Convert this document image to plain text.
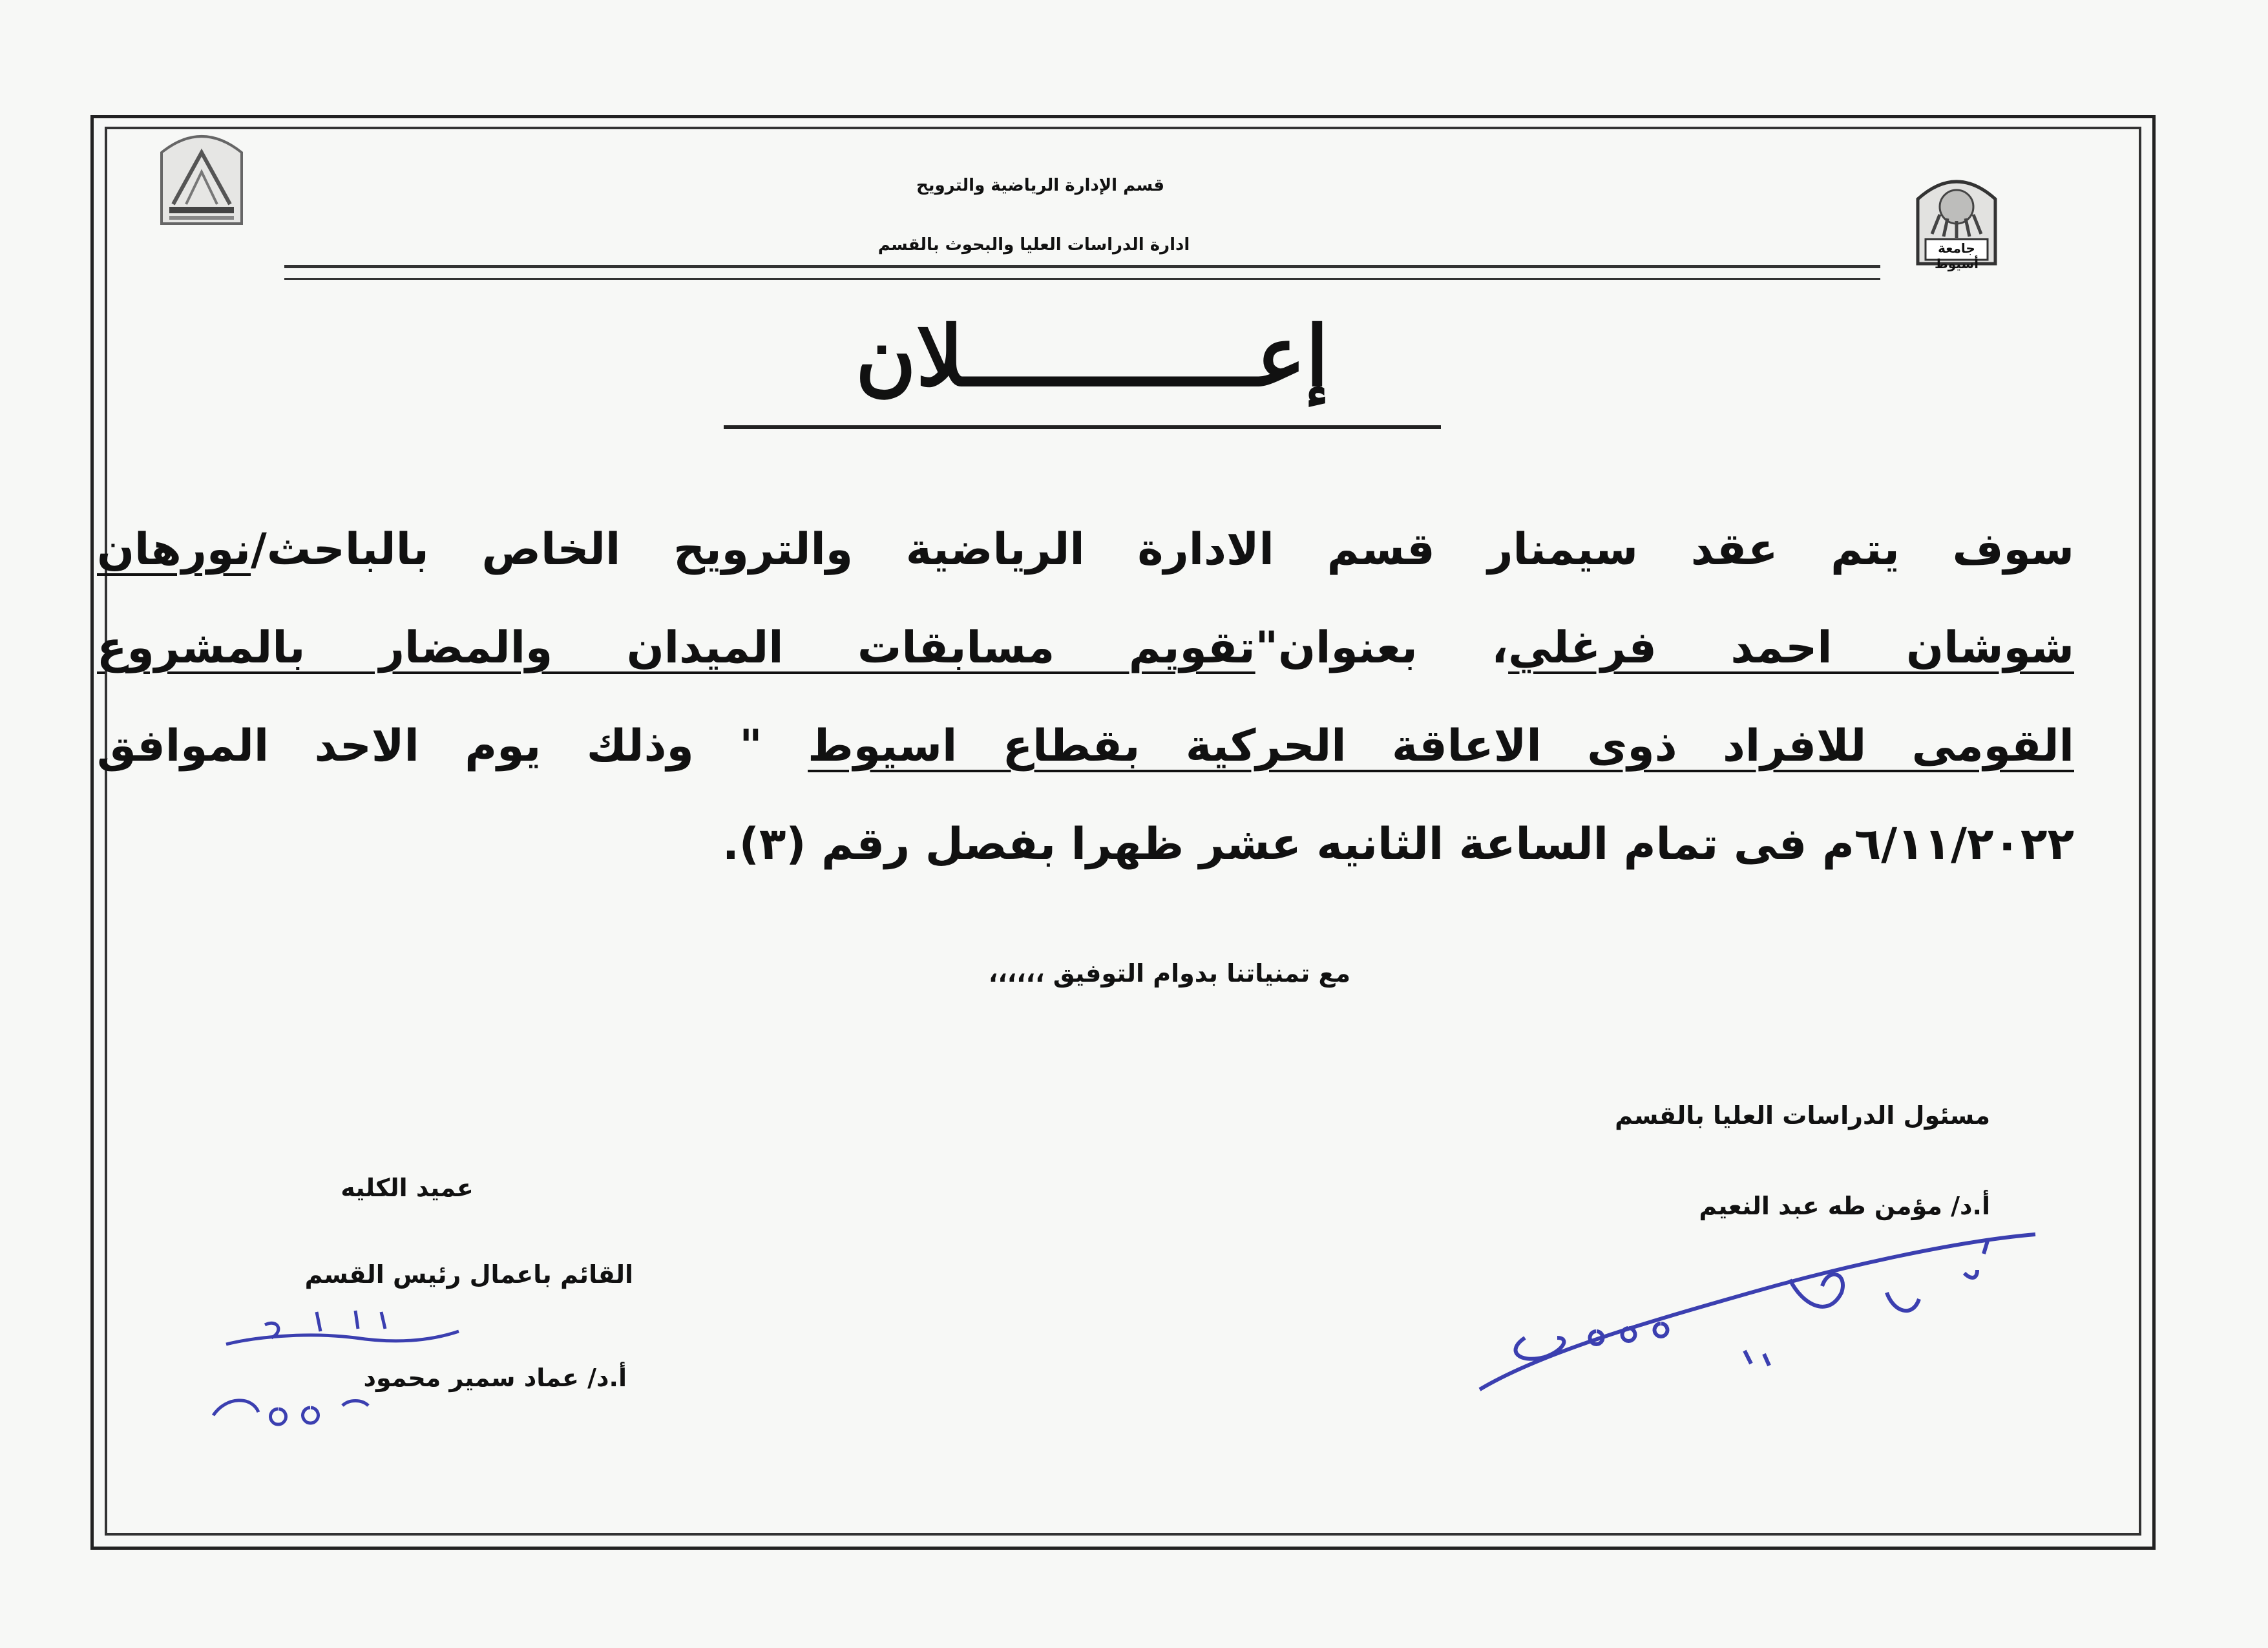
جامعة أسيوط
قسم الإدارة الرياضية والترويح
ادارة الدراسات العليا والبحوث بالقسم
إعــــــــــــلان
سوف يتم عقد سيمنار قسم الادارة الرياضية والترويح الخاص بالباحث/نورهان
شوشان احمد فرغلي، بعنوان"تقويم مسابقات الميدان والمضار بالمشروع
القومى للافراد ذوى الاعاقة الحركية بقطاع اسيوط " وذلك يوم الاحد الموافق
٦/١١/٢٠٢٢م فى تمام الساعة الثانيه عشر ظهرا بفصل رقم (٣).
مع تمنياتنا بدوام التوفيق ،،،،،،
مسئول الدراسات العليا بالقسم
أ.د/ مؤمن طه عبد النعيم
عميد الكليه
القائم باعمال رئيس القسم
أ.د/ عماد سمير محمود
